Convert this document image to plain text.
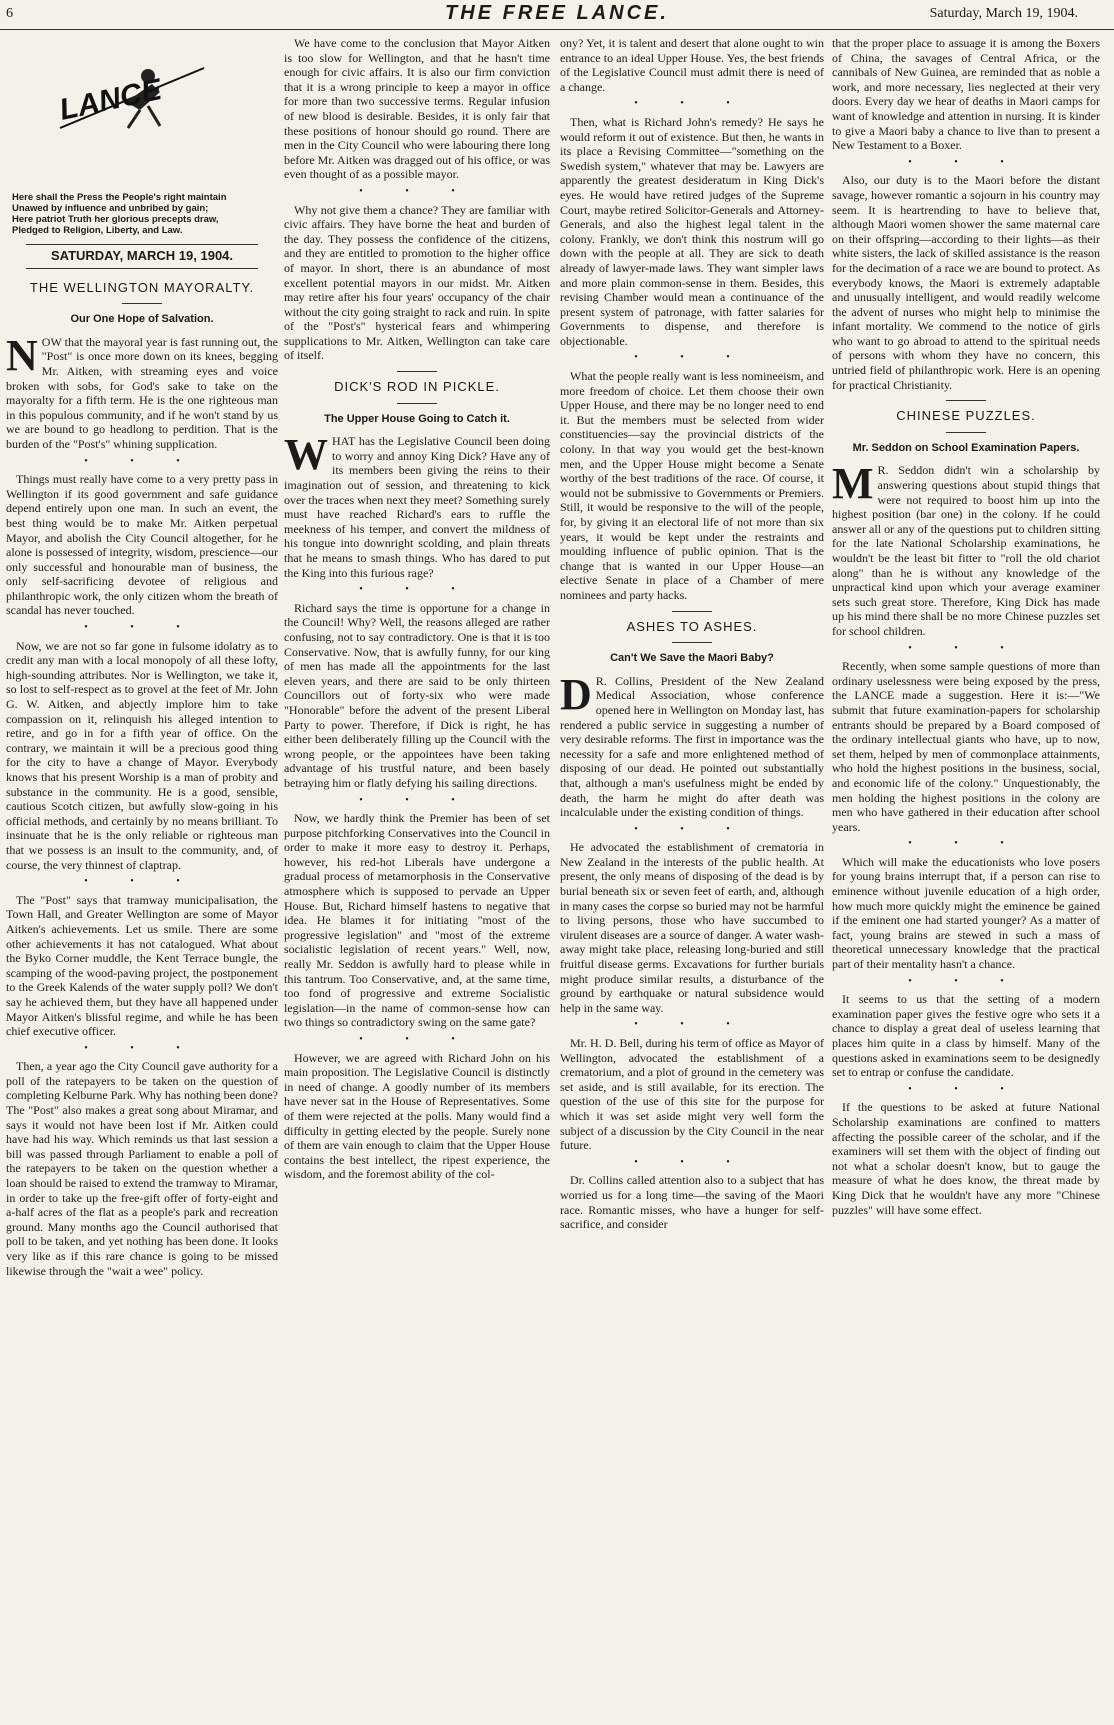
6	THE FREE LANCE.	Saturday, March 19, 1904.
LANCE
Here shall the Press the People's right maintain
Unawed by influence and unbribed by gain;
Here patriot Truth her glorious precepts draw,
Pledged to Religion, Liberty, and Law.
SATURDAY, MARCH 19, 1904.
THE WELLINGTON MAYORALTY.
Our One Hope of Salvation.

NOW that the mayoral year is fast running out, the "Post" is once more down on its knees, begging Mr. Aitken, with streaming eyes and voice broken with sobs, for God's sake to take on the mayoralty for a fifth term. He is the one righteous man in this populous community, and if he won't stand by us we are bound to go headlong to perdition. That is the burden of the "Post's" whining supplication.

• • •

Things must really have come to a very pretty pass in Wellington if its good government and safe guidance depend entirely upon one man. In such an event, the best thing would be to make Mr. Aitken perpetual Mayor, and abolish the City Council altogether, for he alone is possessed of integrity, wisdom, prescience—our only successful and honourable man of business, the only self-sacrificing devotee of religious and philanthropic work, the only citizen whom the breath of scandal has never touched.

• • •

Now, we are not so far gone in fulsome idolatry as to credit any man with a local monopoly of all these lofty, high-sounding attributes. Nor is Wellington, we take it, so lost to self-respect as to grovel at the feet of Mr. John G. W. Aitken, and abjectly implore him to take compassion on it, relinquish his alleged intention to retire, and go in for a fifth year of office. On the contrary, we maintain it will be a precious good thing for the city to have a change of Mayor. Everybody knows that his present Worship is a man of probity and substance in the community. He is a good, sensible, cautious Scotch citizen, but awfully slow-going in his official methods, and certainly by no means brilliant. To insinuate that he is the only reliable or righteous man that we possess is an insult to the community, and, of course, the very thinnest of claptrap.

• • •

The "Post" says that tramway municipalisation, the Town Hall, and Greater Wellington are some of Mayor Aitken's achievements. Let us smile. There are some other achievements it has not catalogued. What about the Byko Corner muddle, the Kent Terrace bungle, the scamping of the wood-paving project, the postponement to the Greek Kalends of the water supply poll? We don't say he achieved them, but they have all happened under Mayor Aitken's blissful regime, and while he has been chief executive officer.

• • •

Then, a year ago the City Council gave authority for a poll of the ratepayers to be taken on the question of completing Kelburne Park. Why has nothing been done? The "Post" also makes a great song about Miramar, and says it would not have been lost if Mr. Aitken could have had his way. Which reminds us that last session a bill was passed through Parliament to enable a poll of the ratepayers to be taken on the question whether a loan should be raised to extend the tramway to Miramar, in order to take up the free-gift offer of forty-eight and a-half acres of the flat as a people's park and recreation ground. Many months ago the Council authorised that poll to be taken, and yet nothing has been done. It looks very like as if this rare chance is going to be missed likewise through the "wait a wee" policy.

We have come to the conclusion that Mayor Aitken is too slow for Wellington, and that he hasn't time enough for civic affairs. It is also our firm conviction that it is a wrong principle to keep a mayor in office for more than two successive terms. Regular infusion of new blood is desirable. Besides, it is only fair that these positions of honour should go round. There are men in the City Council who were labouring there long before Mr. Aitken was dragged out of his office, or was even thought of as a possible mayor.

• • •

Why not give them a chance? They are familiar with civic affairs. They have borne the heat and burden of the day. They possess the confidence of the citizens, and they are entitled to promotion to the higher office of mayor. In short, there is an abundance of most excellent potential mayors in our midst. Mr. Aitken may retire after his four years' occupancy of the chair without the city going straight to rack and ruin. In spite of the "Post's" hysterical fears and whimpering supplications to Mr. Aitken, Wellington can take care of itself.

DICK'S ROD IN PICKLE.
The Upper House Going to Catch it.

WHAT has the Legislative Council been doing to worry and annoy King Dick? Have any of its members been giving the reins to their imagination out of session, and threatening to kick over the traces when next they meet? Something surely must have reached Richard's ears to ruffle the meekness of his temper, and convert the mildness of his tongue into downright scolding, and plain threats that he means to smash things. Who has dared to put the King into this furious rage?

• • •

Richard says the time is opportune for a change in the Council! Why? Well, the reasons alleged are rather confusing, not to say contradictory. One is that it is too Conservative. Now, that is awfully funny, for our king of men has made all the appointments for the last eleven years, and there are said to be only thirteen Councillors out of forty-six who were made "Honorable" before the advent of the present Liberal Party to power. Therefore, if Dick is right, he has either been deliberately filling up the Council with the wrong people, or the appointees have been taking advantage of his trustful nature, and been basely betraying him or flatly defying his sailing directions.

• • •

Now, we hardly think the Premier has been of set purpose pitchforking Conservatives into the Council in order to make it more easy to destroy it. Perhaps, however, his red-hot Liberals have undergone a gradual process of metamorphosis in the Conservative atmosphere which is supposed to pervade an Upper House. But, Richard himself hastens to negative that idea. He blames it for initiating "most of the progressive legislation" and "most of the extreme socialistic legislation of recent years." Well, now, really Mr. Seddon is awfully hard to please while in this tantrum. Too Conservative, and, at the same time, too fond of progressive and extreme Socialistic legislation—in the name of common-sense how can two things so contradictory swing on the same gate?

• • •

However, we are agreed with Richard John on his main proposition. The Legislative Council is distinctly in need of change. A goodly number of its members have never sat in the House of Representatives. Some of them were rejected at the polls. Many would find a difficulty in getting elected by the people. Surely none of them are vain enough to claim that the Upper House contains the best intellect, the ripest experience, the wisdom, and the foremost ability of the col-

ony? Yet, it is talent and desert that alone ought to win entrance to an ideal Upper House. Yes, the best friends of the Legislative Council must admit there is need of a change.

• • •

Then, what is Richard John's remedy? He says he would reform it out of existence. But then, he wants in its place a Revising Committee—"something on the Swedish system," whatever that may be. Lawyers are apparently the greatest desideratum in King Dick's eyes. He would have retired judges of the Supreme Court, maybe retired Solicitor-Generals and Attorney-Generals, and also the highest legal talent in the colony. Frankly, we don't think this nostrum will go down with the people at all. They are sick to death already of lawyer-made laws. They want simpler laws and more plain common-sense in them. Besides, this revising Chamber would mean a continuance of the present system of patronage, with fatter salaries for Governments to dispense, and therefore is objectionable.

• • •

What the people really want is less nomineeism, and more freedom of choice. Let them choose their own Upper House, and there may be no longer need to end it. But the members must be selected from wider constituencies—say the provincial districts of the colony. In that way you would get the best-known men, and the Upper House might become a Senate worthy of the best traditions of the race. Of course, it would not be submissive to Governments or Premiers. Still, it would be responsive to the will of the people, for, by giving it an electoral life of not more than six years, it would be kept under the restraints and moulding influence of public opinion. That is the change that is wanted in our Upper House—an elective Senate in place of a Chamber of mere nominees and party hacks.

ASHES TO ASHES.
Can't We Save the Maori Baby?

D R. Collins, President of the New Zealand Medical Association, whose conference opened here in Wellington on Monday last, has rendered a public service in suggesting a number of very desirable reforms. The first in importance was the necessity for a safe and more enlightened method of disposing of our dead. He pointed out substantially that, although a man's usefulness might be ended by death, the harm he might do after death was incalculable under the existing condition of things.

• • •

He advocated the establishment of crematoria in New Zealand in the interests of the public health. At present, the only means of disposing of the dead is by burial beneath six or seven feet of earth, and, although in many cases the corpse so buried may not be harmful to living persons, those who have succumbed to virulent diseases are a source of danger. A water wash-away might take place, releasing long-buried and still fruitful disease germs. Excavations for further burials might produce similar results, a disturbance of the ground by earthquake or natural subsidence would help in the same way.

• • •

Mr. H. D. Bell, during his term of office as Mayor of Wellington, advocated the establishment of a crematorium, and a plot of ground in the cemetery was set aside, and is still available, for its erection. The question of the use of this site for the purpose for which it was set aside might very well form the subject of a discussion by the City Council in the near future.

• • •

Dr. Collins called attention also to a subject that has worried us for a long time—the saving of the Maori race. Romantic misses, who have a hunger for self-sacrifice, and consider

that the proper place to assuage it is among the Boxers of China, the savages of Central Africa, or the cannibals of New Guinea, are reminded that as noble a work, and more necessary, lies neglected at their very doors. Every day we hear of deaths in Maori camps for want of knowledge and attention in nursing. It is kinder to give a Maori baby a chance to live than to present a New Testament to a Boxer.

• • •

Also, our duty is to the Maori before the distant savage, however romantic a sojourn in his country may seem. It is heartrending to have to believe that, although Maori women shower the same maternal care on their offspring—according to their lights—as their white sisters, the lack of skilled assistance is the reason for the decimation of a race we are bound to protect. As everybody knows, the Maori is extremely adaptable and unusually intelligent, and would readily welcome the advent of nurses who might help to minimise the infant mortality. We commend to the notice of girls who want to go abroad to attend to the spiritual needs of persons with whom they have no concern, this untried field of philanthropic work. Here is an opening for practical Christianity.

CHINESE PUZZLES.
Mr. Seddon on School Examination Papers.

M R. Seddon didn't win a scholarship by answering questions about stupid things that were not required to boost him up into the highest position (bar one) in the colony. If he could answer all or any of the questions put to children sitting for the late National Scholarship examinations, he wouldn't be the least bit fitter to "roll the old chariot along" than he is without any knowledge of the unpractical kind upon which your average examiner sets such great store. Therefore, King Dick has made up his mind there shall be no more Chinese puzzles set for school children.

• • •

Recently, when some sample questions of more than ordinary uselessness were being exposed by the press, the LANCE made a suggestion. Here it is:—"We submit that future examination-papers for scholarship entrants should be prepared by a Board composed of the ordinary intellectual giants who have, up to now, set them, helped by men of commonplace attainments, who hold the highest positions in the business, social, and economic life of the colony." Unquestionably, the men holding the highest positions in the colony are men who have gathered in their education after school years.

• • •

Which will make the educationists who love posers for young brains interrupt that, if a person can rise to eminence without juvenile education of a high order, how much more quickly might the eminence be gained if the eminent one had started younger? As a matter of fact, young brains are stewed in such a mass of theoretical unnecessary knowledge that the practical part of their mentality hasn't a chance.

• • •

It seems to us that the setting of a modern examination paper gives the festive ogre who sets it a chance to display a great deal of useless learning that places him quite in a class by himself. Many of the questions asked in examinations seem to be designedly set to entrap or confuse the candidate.

• • •

If the questions to be asked at future National Scholarship examinations are confined to matters affecting the possible career of the scholar, and if the examiners will set them with the object of finding out not what a scholar doesn't know, but to gauge the measure of what he does know, the threat made by King Dick that he wouldn't have any more "Chinese puzzles" will have some effect.
